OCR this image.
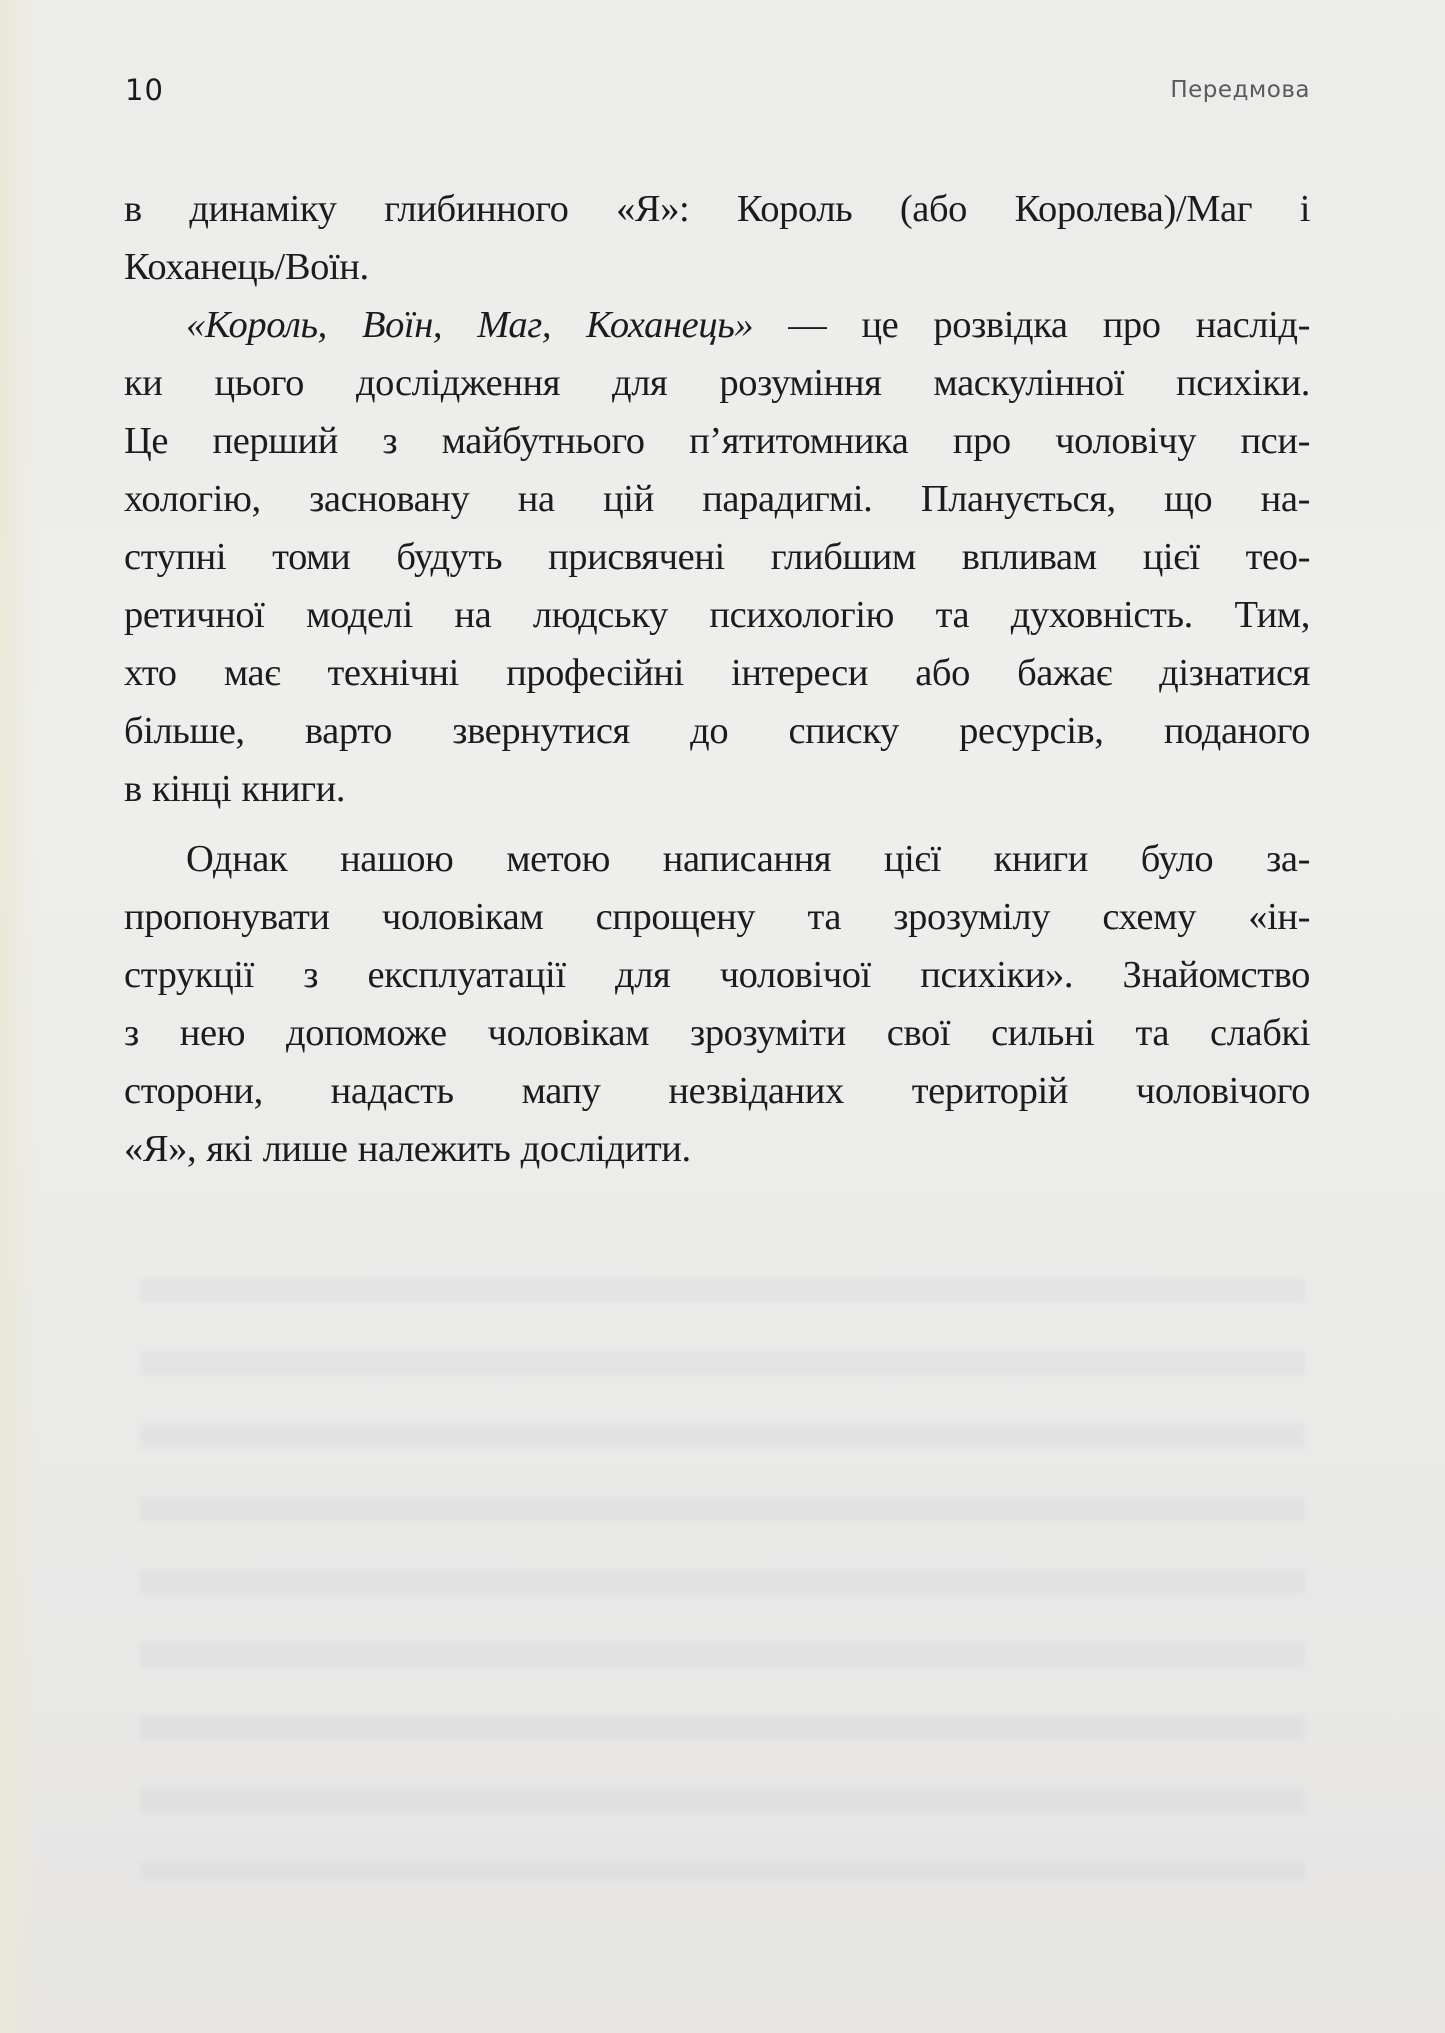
10	Передмова

в динаміку глибинного «Я»: Король (або Королева)/Маг і
Коханець/Воїн.

«Король, Воїн, Маг, Коханець» — це розвідка про наслід-
ки цього дослідження для розуміння маскулінної психіки.
Це перший з майбутнього п’ятитомника про чоловічу пси-
хологію, засновану на цій парадигмі. Планується, що на-
ступні томи будуть присвячені глибшим впливам цієї тео-
ретичної моделі на людську психологію та духовність. Тим,
хто має технічні професійні інтереси або бажає дізнатися
більше, варто звернутися до списку ресурсів, поданого
в кінці книги.

Однак нашою метою написання цієї книги було за-
пропонувати чоловікам спрощену та зрозумілу схему «ін-
струкції з експлуатації для чоловічої психіки». Знайомство
з нею допоможе чоловікам зрозуміти свої сильні та слабкі
сторони, надасть мапу незвіданих територій чоловічого
«Я», які лише належить дослідити.
